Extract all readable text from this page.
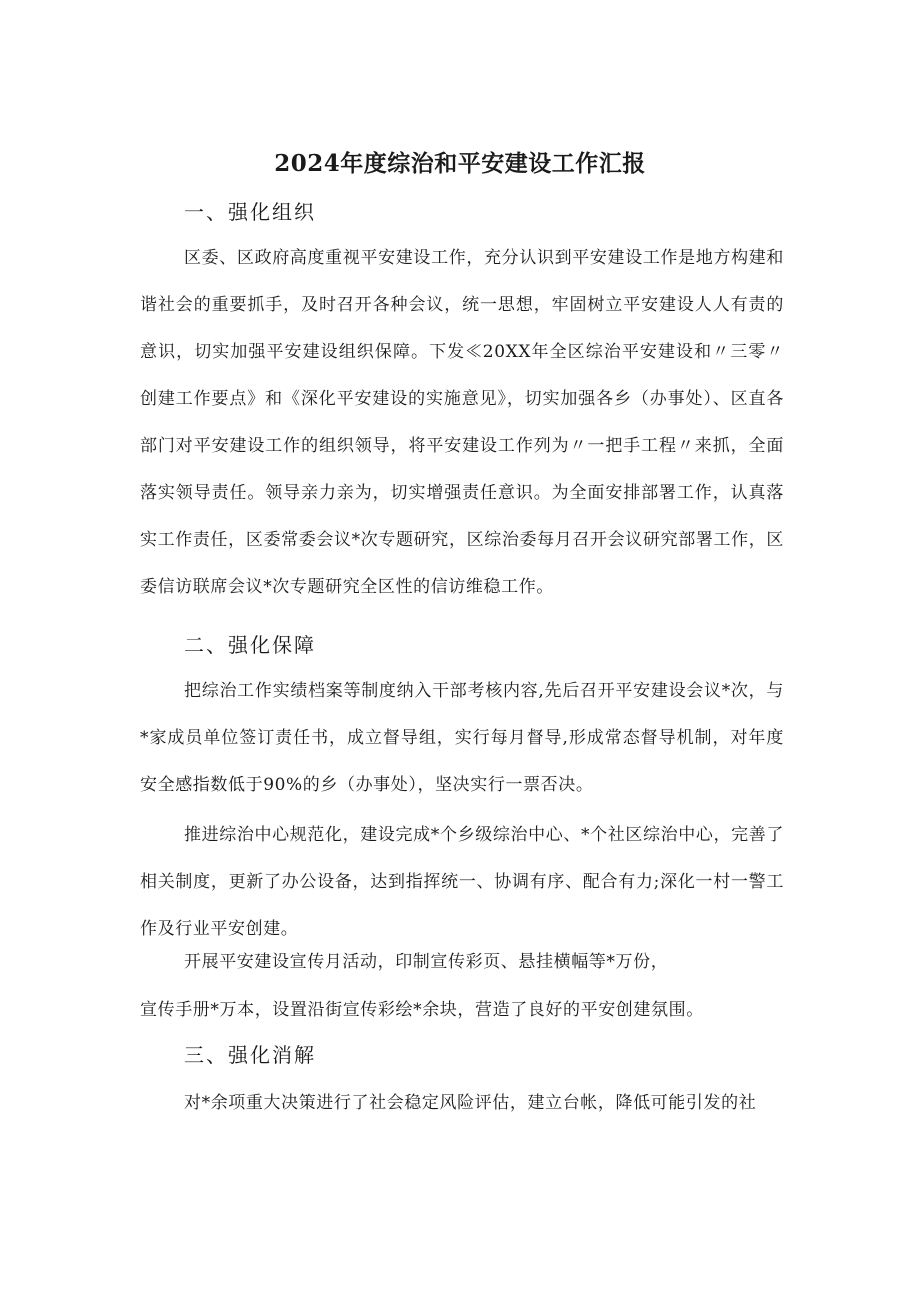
2024年度综治和平安建设工作汇报
一、强化组织

区委、区政府高度重视平安建设工作，充分认识到平安建设工作是地方构建和谐社会的重要抓手，及时召开各种会议，统一思想，牢固树立平安建设人人有责的意识，切实加强平安建设组织保障。下发≪20XX年全区综治平安建设和〃三零〃创建工作要点》和《深化平安建设的实施意见》，切实加强各乡（办事处）、区直各部门对平安建设工作的组织领导，将平安建设工作列为〃一把手工程〃来抓，全面落实领导责任。领导亲力亲为，切实增强责任意识。为全面安排部署工作，认真落实工作责任，区委常委会议*次专题研究，区综治委每月召开会议研究部署工作，区委信访联席会议*次专题研究全区性的信访维稳工作。

二、强化保障

把综治工作实绩档案等制度纳入干部考核内容,先后召开平安建设会议*次，与*家成员单位签订责任书，成立督导组，实行每月督导,形成常态督导机制，对年度安全感指数低于90%的乡（办事处），坚决实行一票否决。

推进综治中心规范化，建设完成*个乡级综治中心、*个社区综治中心，完善了相关制度，更新了办公设备，达到指挥统一、协调有序、配合有力;深化一村一警工作及行业平安创建。

开展平安建设宣传月活动，印制宣传彩页、悬挂横幅等*万份，
宣传手册*万本，设置沿街宣传彩绘*余块，营造了良好的平安创建氛围。
三、强化消解

对*余项重大决策进行了社会稳定风险评估，建立台帐，降低可能引发的社
